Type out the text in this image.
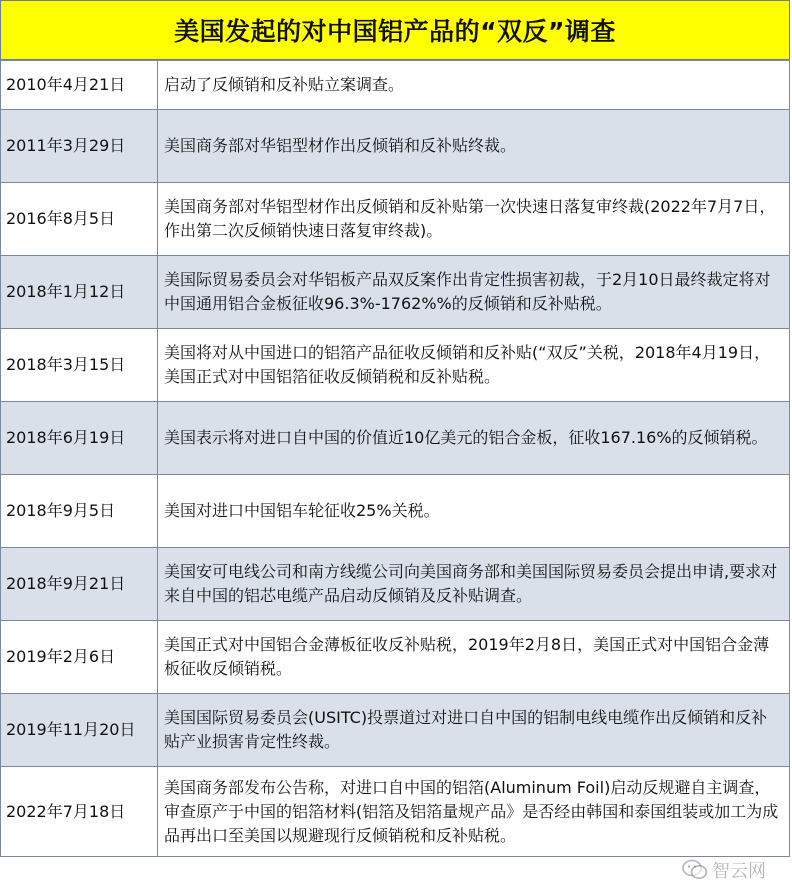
美国发起的对中国铝产品的“双反”调查
2010年4月21日	启动了反倾销和反补贴立案调查。
2011年3月29日	美国商务部对华铝型材作出反倾销和反补贴终裁。
2016年8月5日	美国商务部对华铝型材作出反倾销和反补贴第一次快速日落复审终裁(2022年7月7日，作出第二次反倾销快速日落复审终裁)。
2018年1月12日	美国际贸易委员会对华铝板产品双反案作出肯定性损害初裁，于2月10日最终裁定将对中国通用铝合金板征收96.3%-1762%%的反倾销和反补贴税。
2018年3月15日	美国将对从中国进口的铝箔产品征收反倾销和反补贴(“双反”关税，2018年4月19日，美国正式对中国铝箔征收反倾销税和反补贴税。
2018年6月19日	美国表示将对进口自中国的价值近10亿美元的铝合金板，征收167.16%的反倾销税。
2018年9月5日	美国对进口中国铝车轮征收25%关税。
2018年9月21日	美国安可电线公司和南方线缆公司向美国商务部和美国国际贸易委员会提出申请,要求对来自中国的铝芯电缆产品启动反倾销及反补贴调查。
2019年2月6日	美国正式对中国铝合金薄板征收反补贴税，2019年2月8日，美国正式对中国铝合金薄板征收反倾销税。
2019年11月20日	美国国际贸易委员会(USITC)投票道过对进口自中国的铝制电线电缆作出反倾销和反补贴产业损害肯定性终裁。
2022年7月18日	美国商务部发布公告称，对进口自中国的铝箔(Aluminum Foil)启动反规避自主调查，审查原产于中国的铝箔材料(铝箔及铝箔量规产品》是否经由韩国和泰国组装或加工为成品再出口至美国以规避现行反倾销税和反补贴税。
智云网
